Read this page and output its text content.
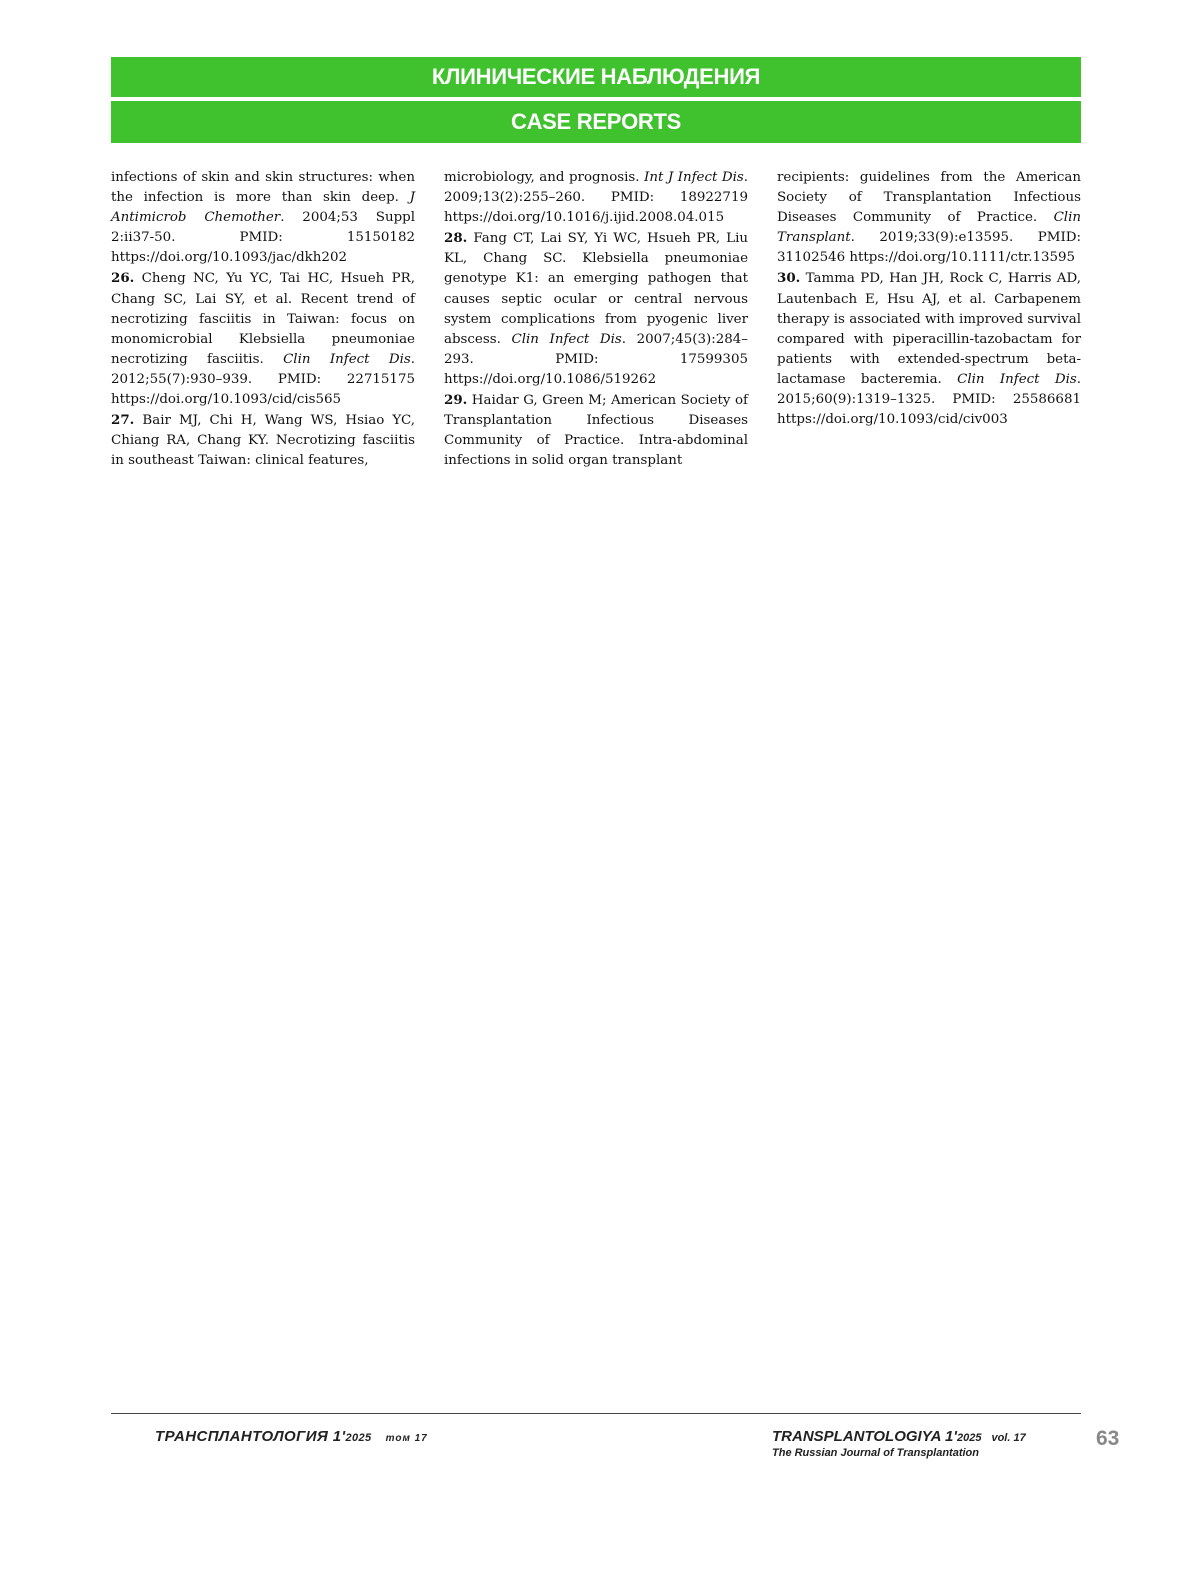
КЛИНИЧЕСКИЕ НАБЛЮДЕНИЯ
CASE REPORTS

infections of skin and skin structures: when the infection is more than skin deep. J Antimicrob Chemother. 2004;53 Suppl 2:ii37-50. PMID: 15150182 https://doi.org/10.1093/jac/dkh202

26. Cheng NC, Yu YC, Tai HC, Hsueh PR, Chang SC, Lai SY, et al. Recent trend of necrotizing fasciitis in Taiwan: focus on monomicrobial Klebsiella pneumoniae necrotizing fasciitis. Clin Infect Dis. 2012;55(7):930–939. PMID: 22715175 https://doi.org/10.1093/cid/cis565

27. Bair MJ, Chi H, Wang WS, Hsiao YC, Chiang RA, Chang KY. Necrotizing fasciitis in southeast Taiwan: clinical features,

microbiology, and prognosis. Int J Infect Dis. 2009;13(2):255–260. PMID: 18922719 https://doi.org/10.1016/j.ijid.2008.04.015

28. Fang CT, Lai SY, Yi WC, Hsueh PR, Liu KL, Chang SC. Klebsiella pneumoniae genotype K1: an emerging pathogen that causes septic ocular or central nervous system complications from pyogenic liver abscess. Clin Infect Dis. 2007;45(3):284–293. PMID: 17599305 https://doi.org/10.1086/519262

29. Haidar G, Green M; American Society of Transplantation Infectious Diseases Community of Practice. Intra-abdominal infections in solid organ transplant

recipients: guidelines from the American Society of Transplantation Infectious Diseases Community of Practice. Clin Transplant. 2019;33(9):e13595. PMID: 31102546 https://doi.org/10.1111/ctr.13595

30. Tamma PD, Han JH, Rock C, Harris AD, Lautenbach E, Hsu AJ, et al. Carbapenem therapy is associated with improved survival compared with piperacillin-tazobactam for patients with extended-spectrum beta-lactamase bacteremia. Clin Infect Dis. 2015;60(9):1319–1325. PMID: 25586681 https://doi.org/10.1093/cid/civ003

ТРАНСПЛАНТОЛОГИЯ 1'2025 том 17	TRANSPLANTOLOGIYA 1'2025 vol. 17
The Russian Journal of Transplantation
63
